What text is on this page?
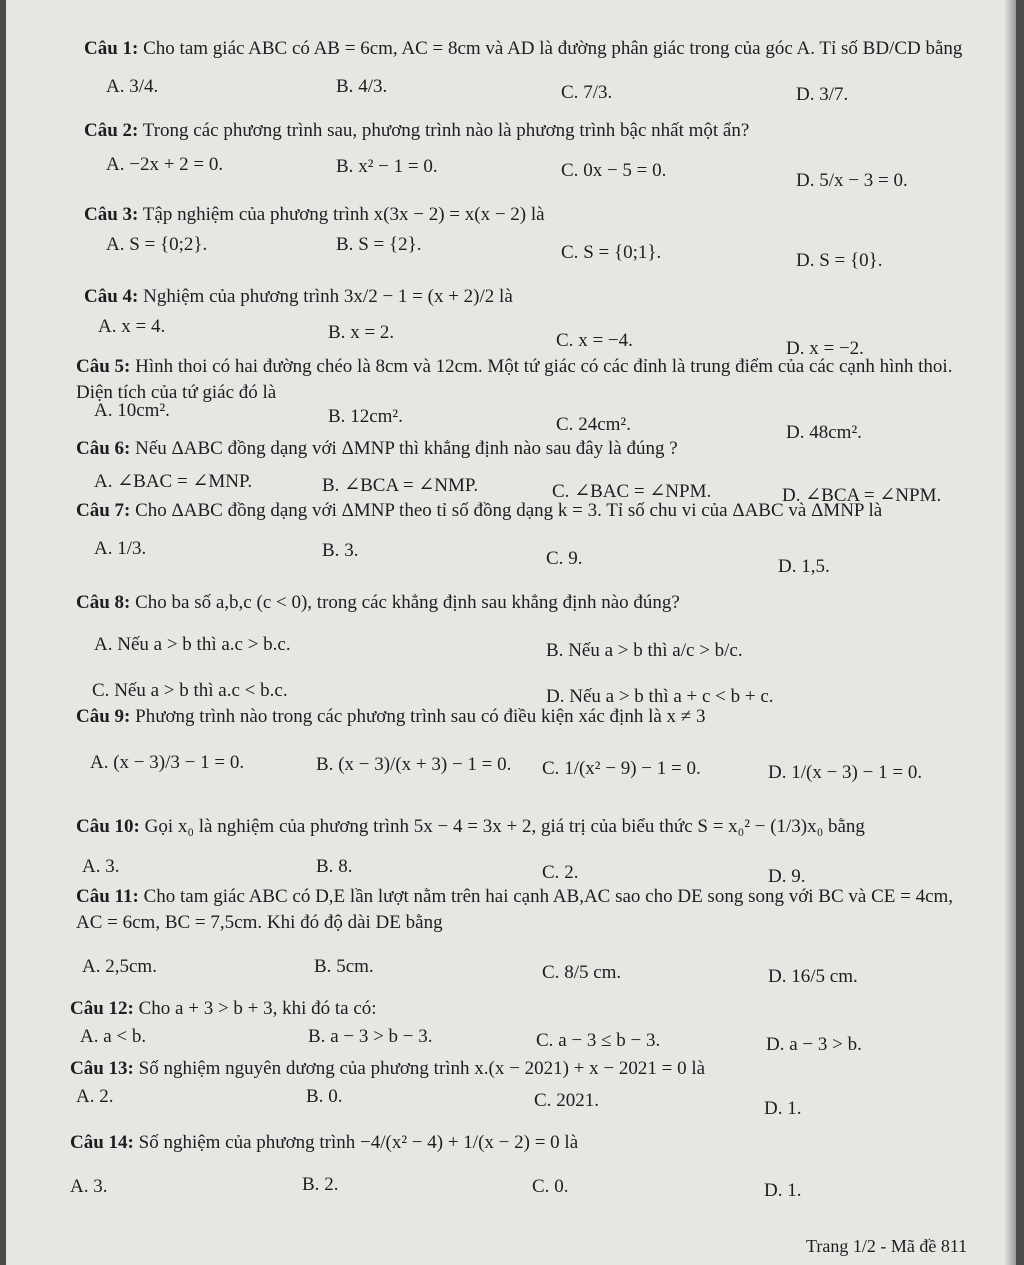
Câu 1: Cho tam giác ABC có AB = 6cm, AC = 8cm và AD là đường phân giác trong của góc A. Tỉ số BD/CD bằng
A. 3/4.	B. 4/3.	C. 7/3.	D. 3/7.
Câu 2: Trong các phương trình sau, phương trình nào là phương trình bậc nhất một ẩn?
A. −2x + 2 = 0.	B. x² − 1 = 0.	C. 0x − 5 = 0.	D. 5/x − 3 = 0.
Câu 3: Tập nghiệm của phương trình x(3x − 2) = x(x − 2) là
A. S = {0;2}.	B. S = {2}.	C. S = {0;1}.	D. S = {0}.
Câu 4: Nghiệm của phương trình 3x/2 − 1 = (x + 2)/2 là
A. x = 4.	B. x = 2.	C. x = −4.	D. x = −2.
Câu 5: Hình thoi có hai đường chéo là 8cm và 12cm. Một tứ giác có các đỉnh là trung điểm của các cạnh hình thoi. Diện tích của tứ giác đó là
A. 10cm².	B. 12cm².	C. 24cm².	D. 48cm².
Câu 6: Nếu ΔABC đồng dạng với ΔMNP thì khẳng định nào sau đây là đúng ?
A. ∠BAC = ∠MNP.	B. ∠BCA = ∠NMP.	C. ∠BAC = ∠NPM.	D. ∠BCA = ∠NPM.
Câu 7: Cho ΔABC đồng dạng với ΔMNP theo tỉ số đồng dạng k = 3. Tỉ số chu vi của ΔABC và ΔMNP là
A. 1/3.	B. 3.	C. 9.	D. 1,5.
Câu 8: Cho ba số a,b,c (c < 0), trong các khẳng định sau khẳng định nào đúng?
A. Nếu a > b thì a.c > b.c.	B. Nếu a > b thì a/c > b/c.
C. Nếu a > b thì a.c < b.c.	D. Nếu a > b thì a + c < b + c.
Câu 9: Phương trình nào trong các phương trình sau có điều kiện xác định là x ≠ 3
A. (x − 3)/3 − 1 = 0.	B. (x − 3)/(x + 3) − 1 = 0. C. 1/(x² − 9) − 1 = 0.	D. 1/(x − 3) − 1 = 0.
Câu 10: Gọi x₀ là nghiệm của phương trình 5x − 4 = 3x + 2, giá trị của biểu thức S = x₀² − (1/3)x₀ bằng
A. 3.	B. 8.	C. 2.	D. 9.
Câu 11: Cho tam giác ABC có D,E lần lượt nằm trên hai cạnh AB,AC sao cho DE song song với BC và CE = 4cm, AC = 6cm, BC = 7,5cm. Khi đó độ dài DE bằng
A. 2,5cm.	B. 5cm.	C. 8/5 cm.	D. 16/5 cm.
Câu 12: Cho a + 3 > b + 3, khi đó ta có:
A. a < b.	B. a − 3 > b − 3.	C. a − 3 ≤ b − 3.	D. a − 3 > b.
Câu 13: Số nghiệm nguyên dương của phương trình x.(x − 2021) + x − 2021 = 0 là
A. 2.	B. 0.	C. 2021.	D. 1.
Câu 14: Số nghiệm của phương trình −4/(x² − 4) + 1/(x − 2) = 0 là
A. 3.	B. 2.	C. 0.	D. 1.
Trang 1/2 - Mã đề 811
